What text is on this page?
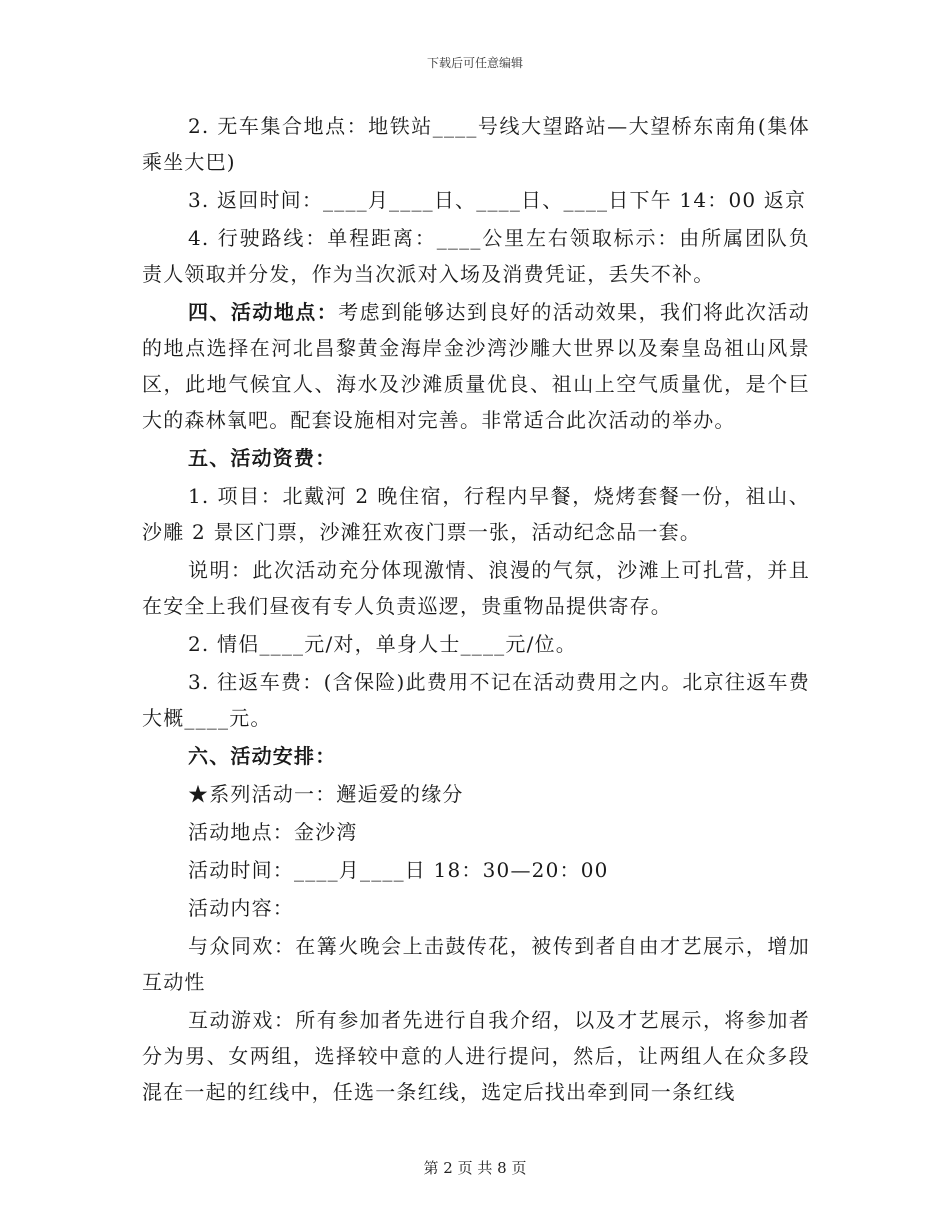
下载后可任意编辑

2. 无车集合地点：地铁站____号线大望路站—大望桥东南角(集体乘坐大巴)

3. 返回时间：____月____日、____日、____日下午 14：00 返京

4. 行驶路线：单程距离：____公里左右领取标示：由所属团队负责人领取并分发，作为当次派对入场及消费凭证，丢失不补。

四、活动地点：考虑到能够达到良好的活动效果，我们将此次活动的地点选择在河北昌黎黄金海岸金沙湾沙雕大世界以及秦皇岛祖山风景区，此地气候宜人、海水及沙滩质量优良、祖山上空气质量优，是个巨大的森林氧吧。配套设施相对完善。非常适合此次活动的举办。

五、活动资费：

1. 项目：北戴河 2 晚住宿，行程内早餐，烧烤套餐一份，祖山、沙雕 2 景区门票，沙滩狂欢夜门票一张，活动纪念品一套。

说明：此次活动充分体现激情、浪漫的气氛，沙滩上可扎营，并且在安全上我们昼夜有专人负责巡逻，贵重物品提供寄存。

2. 情侣____元/对，单身人士____元/位。

3. 往返车费：(含保险)此费用不记在活动费用之内。北京往返车费大概____元。

六、活动安排：

★系列活动一：邂逅爱的缘分

活动地点：金沙湾

活动时间：____月____日 18：30—20：00

活动内容：

与众同欢：在篝火晚会上击鼓传花，被传到者自由才艺展示，增加互动性

互动游戏：所有参加者先进行自我介绍，以及才艺展示，将参加者分为男、女两组，选择较中意的人进行提问，然后，让两组人在众多段混在一起的红线中，任选一条红线，选定后找出牵到同一条红线

第 2 页 共 8 页
